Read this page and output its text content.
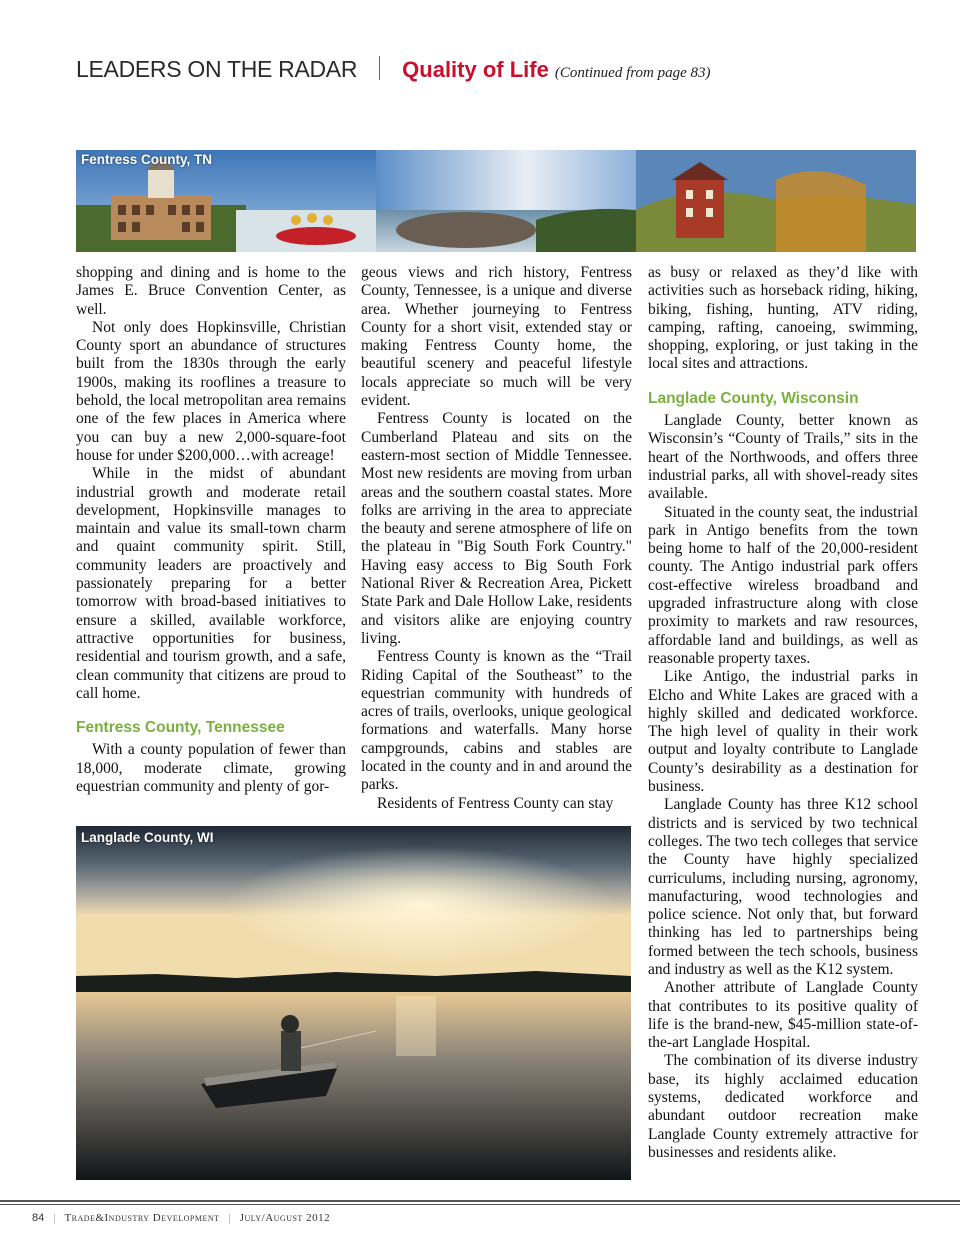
LEADERS ON THE RADAR Quality of Life (Continued from page 83)
Fentress County, TN
Langlade County, WI

shopping and dining and is home to the James E. Bruce Convention Center, as well.

Not only does Hopkinsville, Christian County sport an abundance of structures built from the 1830s through the early 1900s, making its rooflines a treasure to behold, the local metropolitan area remains one of the few places in America where you can buy a new 2,000-square-foot house for under $200,000…with acreage!

While in the midst of abundant industrial growth and moderate retail development, Hopkinsville manages to maintain and value its small-town charm and quaint community spirit. Still, community leaders are proactively and passionately preparing for a better tomorrow with broad-based initiatives to ensure a skilled, available workforce, attractive opportunities for business, residential and tourism growth, and a safe, clean community that citizens are proud to call home.

Fentress County, Tennessee

With a county population of fewer than 18,000, moderate climate, growing equestrian community and plenty of gor-

geous views and rich history, Fentress County, Tennessee, is a unique and diverse area. Whether journeying to Fentress County for a short visit, extended stay or making Fentress County home, the beautiful scenery and peaceful lifestyle locals appreciate so much will be very evident.

Fentress County is located on the Cumberland Plateau and sits on the eastern-most section of Middle Tennessee. Most new residents are moving from urban areas and the southern coastal states. More folks are arriving in the area to appreciate the beauty and serene atmosphere of life on the plateau in "Big South Fork Country." Having easy access to Big South Fork National River & Recreation Area, Pickett State Park and Dale Hollow Lake, residents and visitors alike are enjoying country living.

Fentress County is known as the “Trail Riding Capital of the Southeast” to the equestrian community with hundreds of acres of trails, overlooks, unique geological formations and waterfalls. Many horse campgrounds, cabins and stables are located in the county and in and around the parks.

Residents of Fentress County can stay

as busy or relaxed as they’d like with activities such as horseback riding, hiking, biking, fishing, hunting, ATV riding, camping, rafting, canoeing, swimming, shopping, exploring, or just taking in the local sites and attractions.

Langlade County, Wisconsin

Langlade County, better known as Wisconsin’s “County of Trails,” sits in the heart of the Northwoods, and offers three industrial parks, all with shovel-ready sites available.

Situated in the county seat, the industrial park in Antigo benefits from the town being home to half of the 20,000-resident county. The Antigo industrial park offers cost-effective wireless broadband and upgraded infrastructure along with close proximity to markets and raw resources, affordable land and buildings, as well as reasonable property taxes.

Like Antigo, the industrial parks in Elcho and White Lakes are graced with a highly skilled and dedicated workforce. The high level of quality in their work output and loyalty contribute to Langlade County’s desirability as a destination for business.

Langlade County has three K12 school districts and is serviced by two technical colleges. The two tech colleges that service the County have highly specialized curriculums, including nursing, agronomy, manufacturing, wood technologies and police science. Not only that, but forward thinking has led to partnerships being formed between the tech schools, business and industry as well as the K12 system.

Another attribute of Langlade County that contributes to its positive quality of life is the brand-new, $45-million state-of-the-art Langlade Hospital.

The combination of its diverse industry base, its highly acclaimed education systems, dedicated workforce and abundant outdoor recreation make Langlade County extremely attractive for businesses and residents alike.

84 | Trade&Industry Development | July/August 2012
